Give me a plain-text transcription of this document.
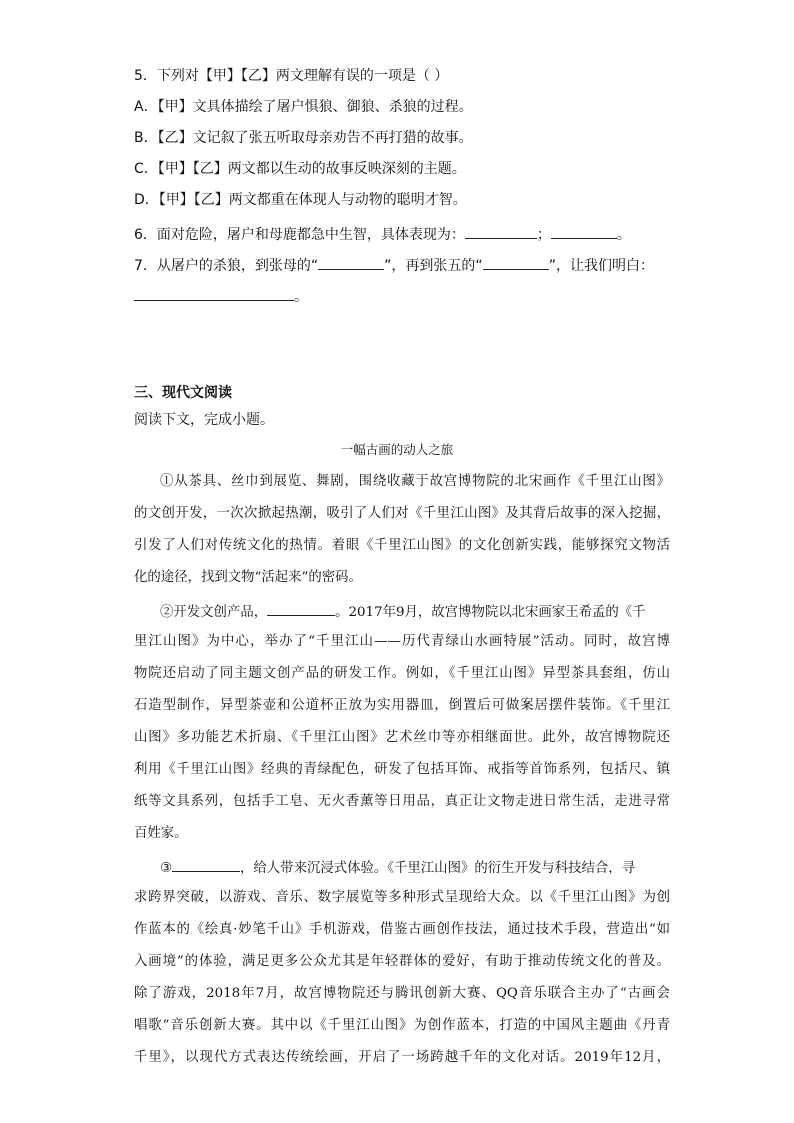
5．下列对【甲】【乙】两文理解有误的一项是（ ）
A．【甲】文具体描绘了屠户惧狼、御狼、杀狼的过程。
B．【乙】文记叙了张五听取母亲劝告不再打猎的故事。
C．【甲】【乙】两文都以生动的故事反映深刻的主题。
D．【甲】【乙】两文都重在体现人与动物的聪明才智。
6．面对危险，屠户和母鹿都急中生智，具体表现为：	；	。
7．从屠户的杀狼，到张母的“	”，再到张五的“	”，让我们明白：
。
三、现代文阅读
阅读下文，完成小题。
一幅古画的动人之旅
①从茶具、丝巾到展览、舞剧，围绕收藏于故宫博物院的北宋画作《千里江山图》
的文创开发，一次次掀起热潮，吸引了人们对《千里江山图》及其背后故事的深入挖掘，
引发了人们对传统文化的热情。着眼《千里江山图》的文化创新实践，能够探究文物活
化的途径，找到文物“活起来”的密码。
②开发文创产品，	。2017年9月，故宫博物院以北宋画家王希孟的《千
里江山图》为中心，举办了“千里江山——历代青绿山水画特展”活动。同时，故宫博
物院还启动了同主题文创产品的研发工作。例如，《千里江山图》异型茶具套组，仿山
石造型制作，异型茶壶和公道杯正放为实用器皿，倒置后可做案居摆件装饰。《千里江
山图》多功能艺术折扇、《千里江山图》艺术丝巾等亦相继面世。此外，故宫博物院还
利用《千里江山图》经典的青绿配色，研发了包括耳饰、戒指等首饰系列，包括尺、镇
纸等文具系列，包括手工皂、无火香薰等日用品，真正让文物走进日常生活，走进寻常
百姓家。
③	，给人带来沉浸式体验。《千里江山图》的衍生开发与科技结合，寻
求跨界突破，以游戏、音乐、数字展览等多种形式呈现给大众。以《千里江山图》为创
作蓝本的《绘真·妙笔千山》手机游戏，借鉴古画创作技法，通过技术手段，营造出“如
入画境”的体验，满足更多公众尤其是年轻群体的爱好，有助于推动传统文化的普及。
除了游戏，2018年7月，故宫博物院还与腾讯创新大赛、QQ音乐联合主办了“古画会
唱歌”音乐创新大赛。其中以《千里江山图》为创作蓝本，打造的中国风主题曲《丹青
千里》，以现代方式表达传统绘画，开启了一场跨越千年的文化对话。2019年12月，
